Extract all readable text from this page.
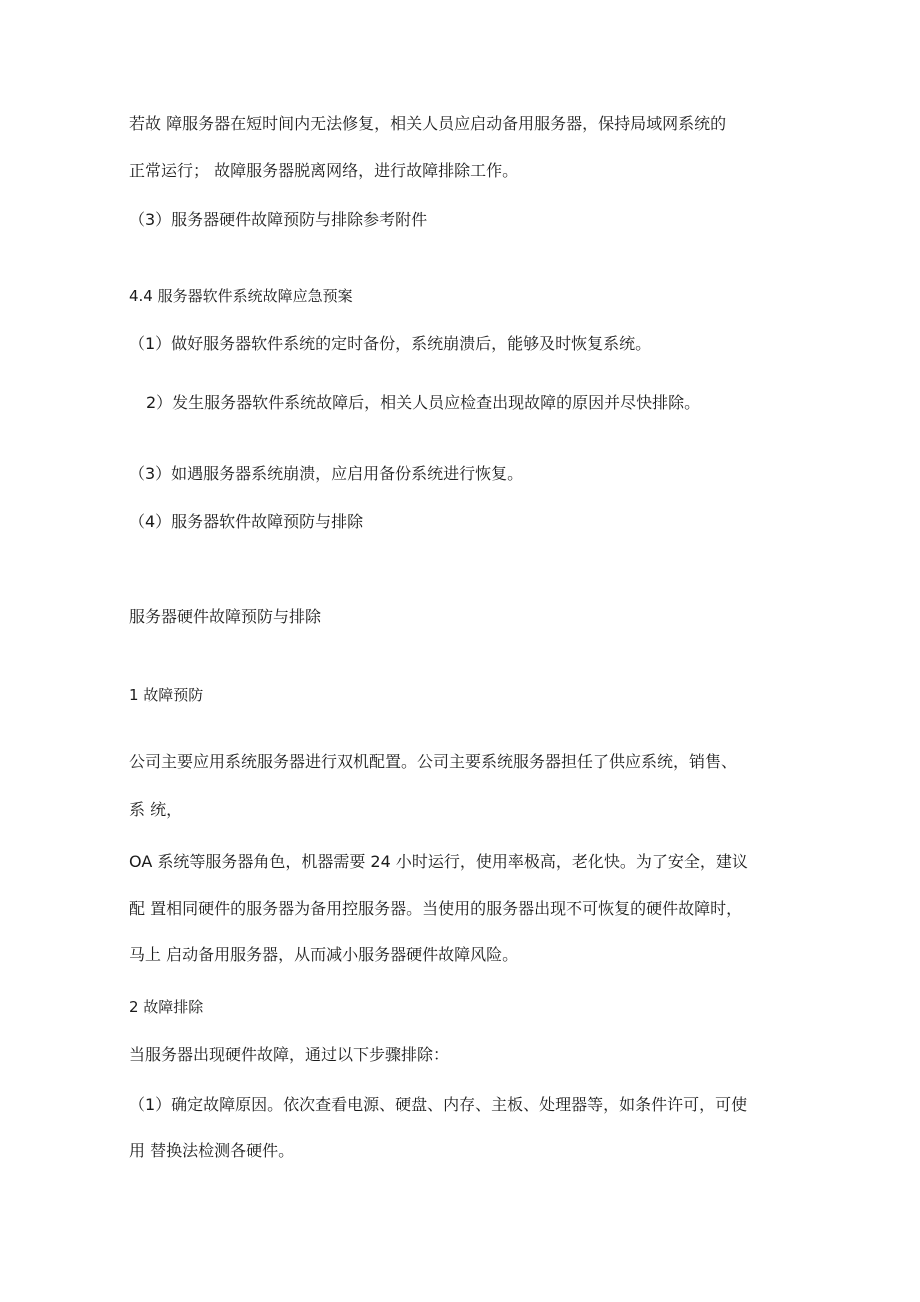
若故 障服务器在短时间内无法修复，相关人员应启动备用服务器，保持局域网系统的

正常运行； 故障服务器脱离网络，进行故障排除工作。

（3）服务器硬件故障预防与排除参考附件

4.4 服务器软件系统故障应急预案

（1）做好服务器软件系统的定时备份，系统崩溃后，能够及时恢复系统。

2）发生服务器软件系统故障后，相关人员应检查出现故障的原因并尽快排除。

（3）如遇服务器系统崩溃，应启用备份系统进行恢复。

（4）服务器软件故障预防与排除

服务器硬件故障预防与排除

1 故障预防

公司主要应用系统服务器进行双机配置。公司主要系统服务器担任了供应系统，销售、

系 统，

OA 系统等服务器角色，机器需要 24 小时运行，使用率极高，老化快。为了安全，建议

配 置相同硬件的服务器为备用控服务器。当使用的服务器出现不可恢复的硬件故障时，

马上 启动备用服务器，从而减小服务器硬件故障风险。

2 故障排除

当服务器出现硬件故障，通过以下步骤排除：

（1）确定故障原因。依次查看电源、硬盘、内存、主板、处理器等，如条件许可，可使

用 替换法检测各硬件。
